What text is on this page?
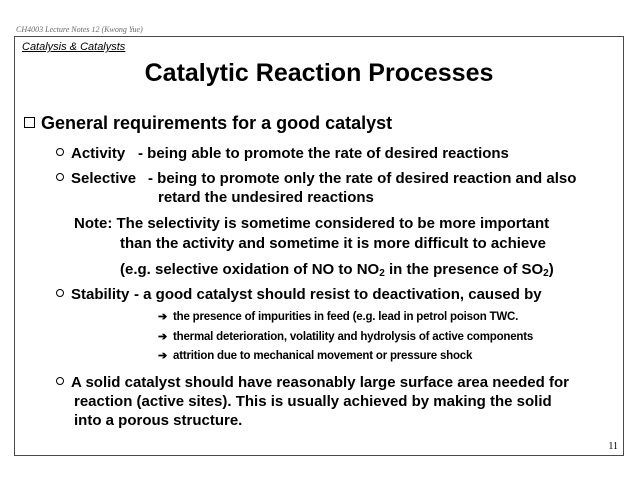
CH4003 Lecture Notes 12 (Kwong Yue)
Catalysis & Catalysts
Catalytic Reaction Processes
General requirements for a good catalyst
Activity - being able to promote the rate of desired reactions
Selective - being to promote only the rate of desired reaction and also
retard the undesired reactions
Note: The selectivity is sometime considered to be more important
than the activity and sometime it is more difficult to achieve
(e.g. selective oxidation of NO to $NO_2$ in the presence of $SO_2$)
Stability - a good catalyst should resist to deactivation, caused by
➔ the presence of impurities in feed (e.g. lead in petrol poison TWC.
➔ thermal deterioration, volatility and hydrolysis of active components
➔ attrition due to mechanical movement or pressure shock
A solid catalyst should have reasonably large surface area needed for
reaction (active sites). This is usually achieved by making the solid
into a porous structure.
11
